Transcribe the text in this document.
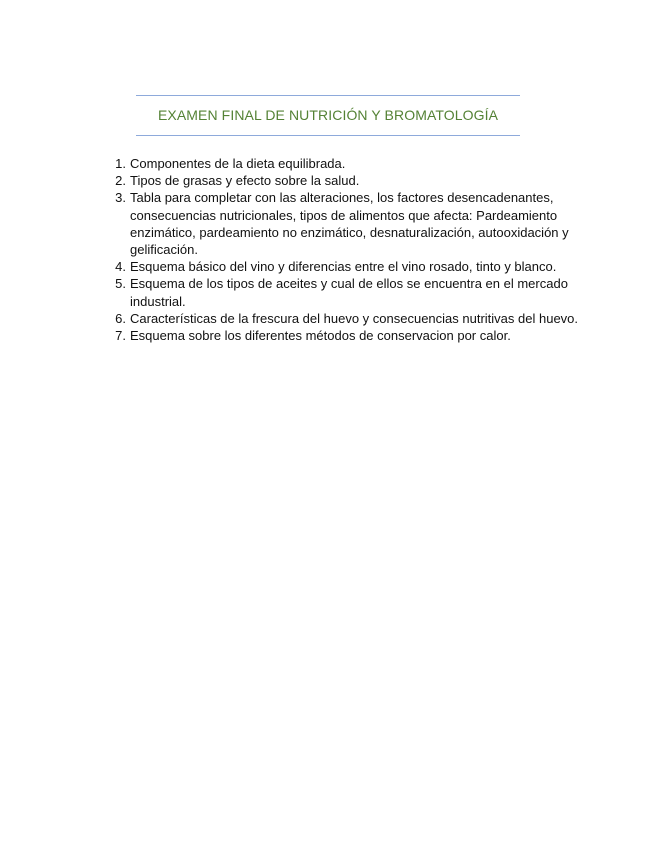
EXAMEN FINAL DE NUTRICIÓN Y BROMATOLOGÍA
1. Componentes de la dieta equilibrada.
2. Tipos de grasas y efecto sobre la salud.
3. Tabla para completar con las alteraciones, los factores desencadenantes, consecuencias nutricionales, tipos de alimentos que afecta: Pardeamiento enzimático, pardeamiento no enzimático, desnaturalización, autooxidación y gelificación.
4. Esquema básico del vino y diferencias entre el vino rosado, tinto y blanco.
5. Esquema de los tipos de aceites y cual de ellos se encuentra en el mercado industrial.
6. Características de la frescura del huevo y consecuencias nutritivas del huevo.
7. Esquema sobre los diferentes métodos de conservacion por calor.
